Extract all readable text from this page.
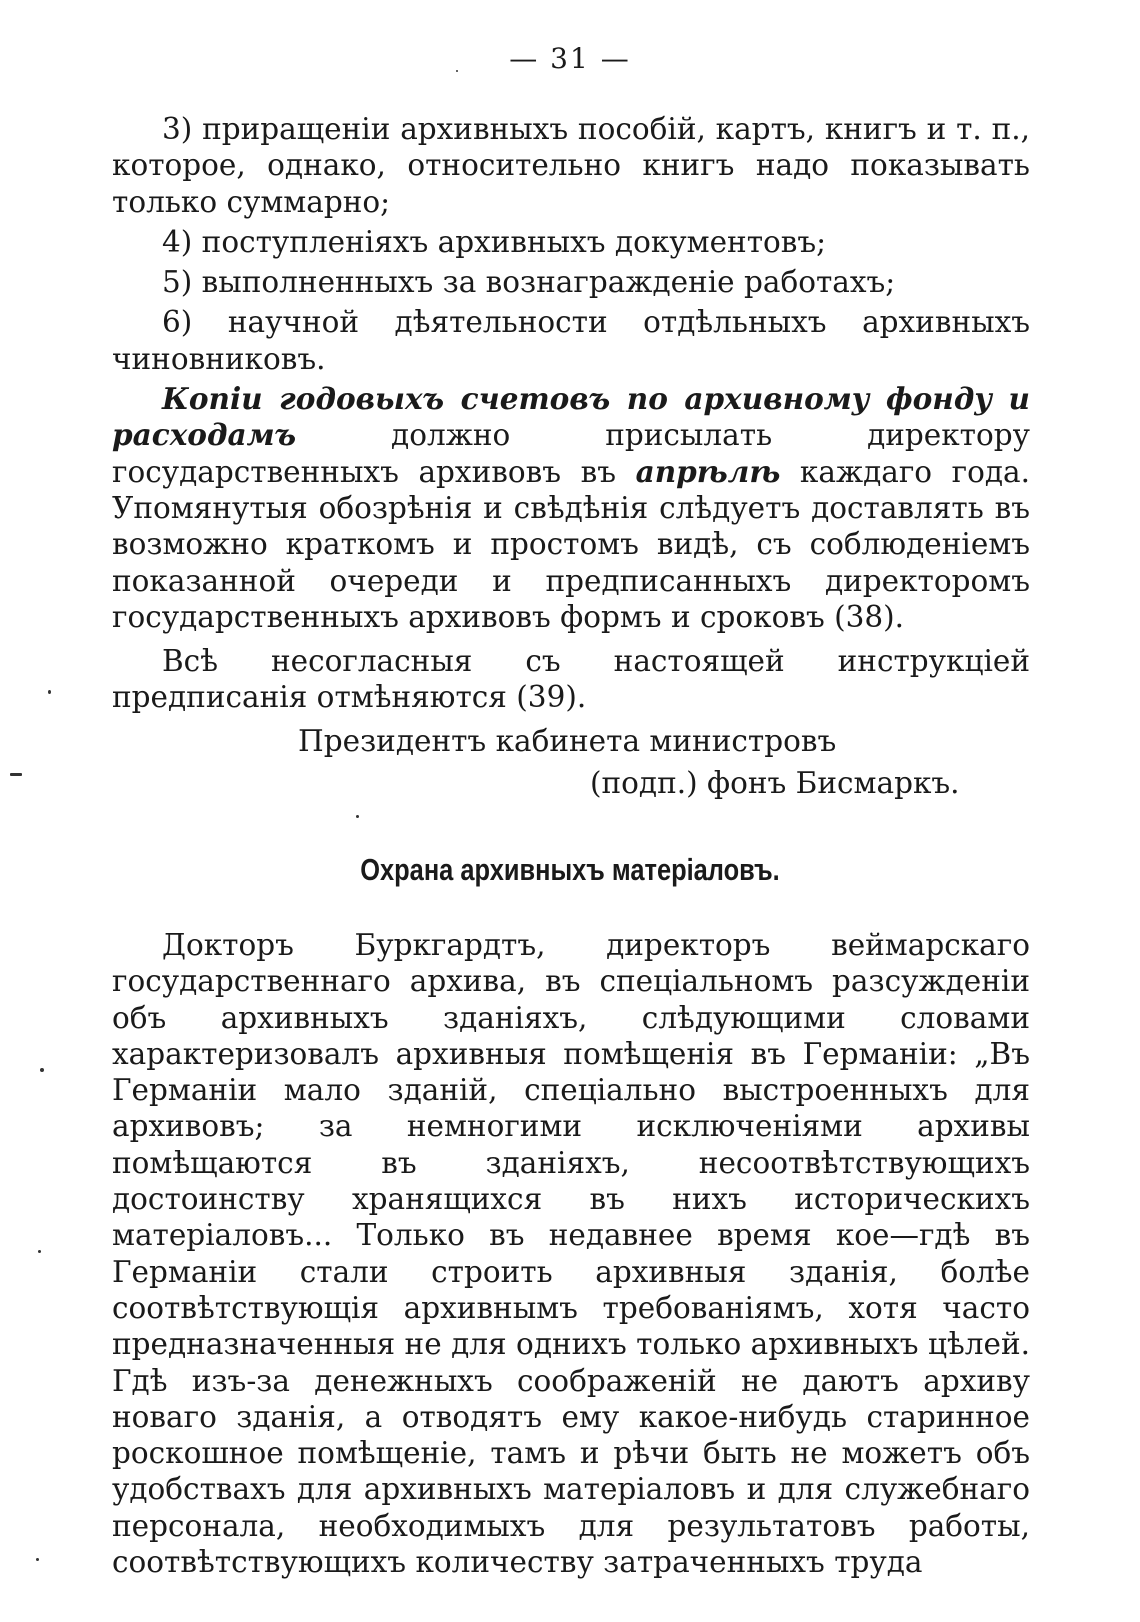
— 31 —

3) приращеніи архивныхъ пособій, картъ, книгъ и т. п., которое, однако, относительно книгъ надо показывать только суммарно;

4) поступленіяхъ архивныхъ документовъ;

5) выполненныхъ за вознагражденіе работахъ;

6) научной дѣятельности отдѣльныхъ архивныхъ чиновниковъ.

Копіи годовыхъ счетовъ по архивному фонду и расходамъ должно присылать директору государственныхъ архивовъ въ апрѣлѣ каждаго года. Упомянутыя обозрѣнія и свѣдѣнія слѣдуетъ доставлять въ возможно краткомъ и простомъ видѣ, съ соблюденіемъ показанной очереди и предписанныхъ директоромъ государственныхъ архивовъ формъ и сроковъ (38).

Всѣ несогласныя съ настоящей инструкціей предписанія отмѣняются (39).

Президентъ кабинета министровъ
(подп.) фонъ Бисмаркъ.
Охрана архивныхъ матеріаловъ.

Докторъ Буркгардтъ, директоръ веймарскаго государственнаго архива, въ спеціальномъ разсужденіи объ архивныхъ зданіяхъ, слѣдующими словами характеризовалъ архивныя помѣщенія въ Германіи: „Въ Германіи мало зданій, спеціально выстроенныхъ для архивовъ; за немногими исключеніями архивы помѣщаются въ зданіяхъ, несоотвѣтствующихъ достоинству хранящихся въ нихъ историческихъ матеріаловъ... Только въ недавнее время кое—гдѣ въ Германіи стали строить архивныя зданія, болѣе соотвѣтствующія архивнымъ требованіямъ, хотя часто предназначенныя не для однихъ только архивныхъ цѣлей. Гдѣ изъ-за денежныхъ соображеній не даютъ архиву новаго зданія, а отводятъ ему какое-нибудь старинное роскошное помѣщеніе, тамъ и рѣчи быть не можетъ объ удобствахъ для архивныхъ матеріаловъ и для служебнаго персонала, необходимыхъ для результатовъ работы, соотвѣтствующихъ количеству затраченныхъ труда
